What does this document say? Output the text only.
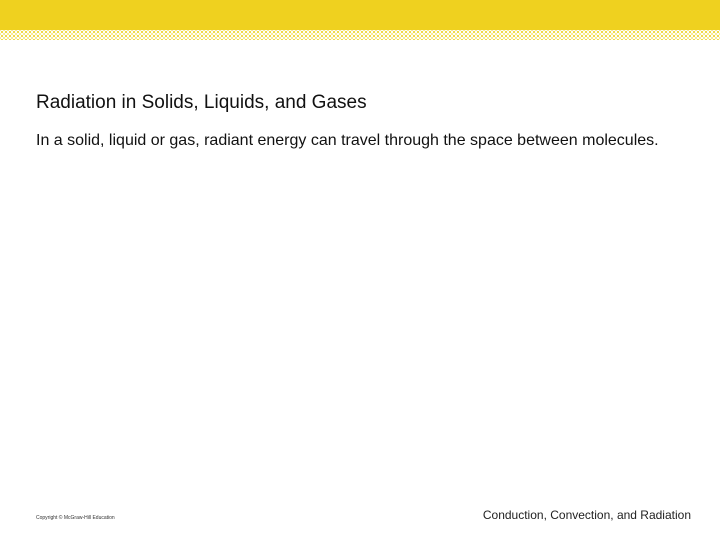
Radiation in Solids, Liquids, and Gases

In a solid, liquid or gas, radiant energy can travel through the space between molecules.

Copyright © McGraw-Hill Education	Conduction, Convection, and Radiation
